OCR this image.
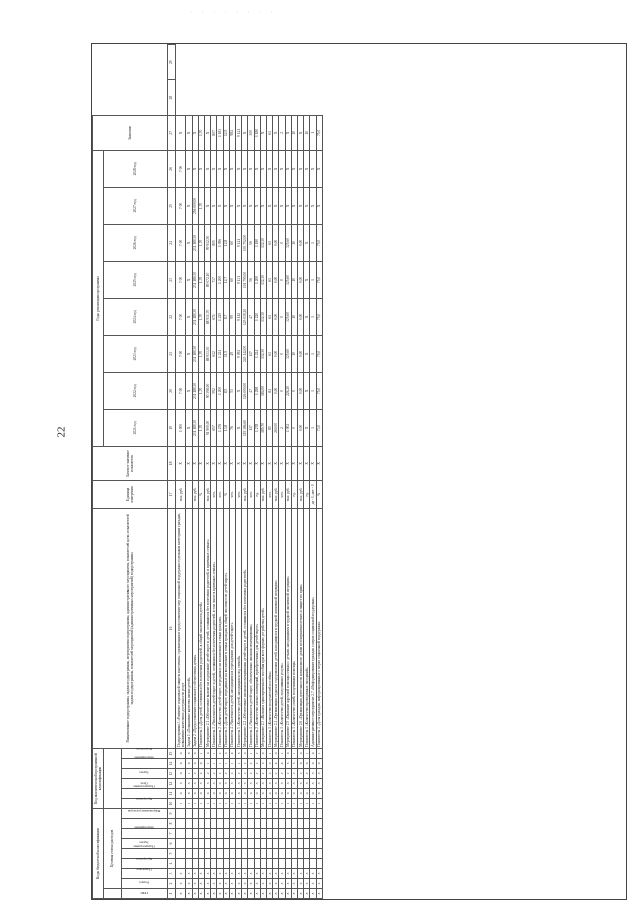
· · · · · · · ·
22
Коды бюджетной классификации									Код аналитической программной классификации						Наименование подпрограммы, задачи подпрограммы, мероприятия подпрограммы, административного мероприятия, показателей цели, показателей задачи подпрограммы, показателей мероприятий (административных мероприятий) подпрограммы	Единица измерения	Базовое значение показателя	Годы реализации программы								Значение		
	Целевая статья расходов																	2021 год	2022 год	2023 год	2024 год	2025 год	2026 год	2027 год	2028 год			
ГРБС	Раздел	Подраздел	Программа	Подпрограмма	Задача	Мероприятие	Направление расходов		Программа	Подпрограмма	Цель	Задача	Мероприятие	Показатель														
1	2	3	4	5	6	7	8	9	10	11	12	13	14	15	16	17	18	19	20	21	22	23	24	25	26	27	28	29
8	3	3							1	0	3	0	0	0	Подпрограмма 3 «Развитие социальной защиты населения»: организация и предоставление мер социальной поддержки отдельным категориям граждан, повышение качества и доступности услуг	тыс. руб.	Х	1 000	7 00	7 00	7 00	7 00	7 00	7 00	7 00	Х		
8	3	3							1	0	3	1	0	0	Задача 1 «Повышение качества жизни детей»		Х	Х	Х	Х	Х	Х	Х	Х	Х	Х		
8	3	3							1	0	3	2	0	0	Задача 2 «Предоставление социального обеспечения детям»	тыс. руб.	Х	231 180,30	231 180,30	231 180,30	231 180,30	231 180,30	231 180,30	256 000,00	Х	Х		
8	3	3							1	0	3	2	0	1	Показатель 1 «Доля детей, оставшихся без попечения родителей, в общей численности детей»	%	Х	1,70	1,70	1,70	1,70	1,70	1,70	1,70	Х	1,70		
8	3	3							1	0	3	2	1	0	Мероприятие 2.1 «Обеспечение выплат на содержание детей-сирот и детей, оставшихся без попечения родителей, в приемных семьях»	тыс. руб.	Х	91 900,00	90 398,00	88 933,30	88 931,70	89 072,10	99 912,50	Х	Х	Х		
8	3	3							1	0	3	2	1	1	Показатель 1 «Численность детей-сирот и детей, оставшихся без попечения родителей, в том числе в приемных семьях»	чел.	Х	657	592	612	671	737	805	Х	Х	807		
8	3	3							1	0	3	2	1	2	Показатель 2 «Количество детей-сирот, переданных на воспитание в семьи граждан»	чел.	Х	1 276	1 200	1 224	1 225	1 200	1 096	Х	Х	1 183		
8	3	3							1	0	3	2	1	3	Показатель 3 «Доля детей-сирот, переданных на воспитание в семьи граждан, в общей численности детей-сирот»	%	Х	13,8	8,5	11,5	8,7	12,7	12,8	Х	Х	12,9		
8	3	3							1	0	3	2	1	4	Показатель 4 «Численность детей, находящихся в учреждениях для детей-сирот»	чел.	Х	76	53	49	99	60	60	Х	Х	984		
8	3	3							1	0	3	2	1	5	Показатель 5 «Количество детей, находящихся под опекой»	чел.	Х	Х	Х	9 092	9 112	9 131	9 141	Х	Х	9 141		
8	3	3							1	0	3	2	2	0	Мероприятие 2.2 «Обеспечение жилыми помещениями детей-сирот и детей, оставшихся без попечения родителей»	тыс. руб.	Х	119 386,60	126 000,00	245 142,00	125 019,20	101 795,00	103 752,00	Х	Х	Х		
8	3	3							1	0	3	2	2	1	Показатель 1 «Численность детей-сирот, обеспеченных жилыми помещениями»	чел.	Х	117	47	117	47	56	56	Х	Х	300		
8	3	3							1	0	3	2	2	2	Показатель 2 «Количество жилых помещений, приобретенных для детей-сирот»	ед.	Х	1 278	1 298	1 224	1 220	1 200	1 180	Х	Х	1 180		
8	3	3							1	0	3	2	3	0	Мероприятие 2.3 «Выплата единовременного пособия при всех формах устройства детей»	тыс. руб.	Х	185,70	184,00	132,30	132,30	132,30	132,30	Х	Х	Х		
8	3	3							1	0	3	2	3	1	Показатель 1 «Количество получателей пособия»	чел.	Х	85	84	61	61	61	61	Х	Х	61		
8	3	3							1	0	3	2	4	0	Мероприятие 2.4 «Организация отдыха и оздоровления детей, находящихся в трудной жизненной ситуации»	тыс. руб.	Х	260,00	0,00	0,00	0,00	0,00	0,00	Х	Х	Х		
8	3	3							1	0	3	2	4	1	Показатель 1 «Количество детей, получивших услуги»	чел.	Х	2	0	0	0	0	0	Х	Х	2		
8	3	3							1	0	3	2	5	0	Мероприятие 2.5 «Оказание адресной помощи семьям с детьми, находящимся в трудной жизненной ситуации»	тыс. руб.	Х	1 002	226,20	325,60	325,60	325,60	325,60	Х	Х	Х		
8	3	3							1	0	3	2	5	1	Показатель 1 «Количество семей, получивших помощь»	ед.	Х	0	0	10	10	10	10	Х	Х	10		
8	3	3							1	0	3	2	6	0	Мероприятие 2.6 «Организация деятельности комиссии по делам несовершеннолетних и защите их прав»	тыс. руб.	Х	0,00	0,00	0,00	0,00	0,00	0,00	Х	Х	Х		
8	3	3							1	0	3	2	6	1	Показатель 1 «Количество проведенных заседаний»	ед.	Х	Х	Х	Х	Х	Х	Х	Х	Х	10		
8	3	3							1	0	3	3	0	0	Административное мероприятие 2.7 «Информирование граждан о мерах социальной поддержки»	да - 1, нет - 0	Х	1	1	1	1	1	1	Х	Х	1		
8	3	3							1	0	3	3	0	1	Показатель 1 «Доля граждан, информированных о мерах социальной поддержки»	%	Х	73,0	75,0	75,0	75,0	75,0	75,0	Х	Х	75,0		
